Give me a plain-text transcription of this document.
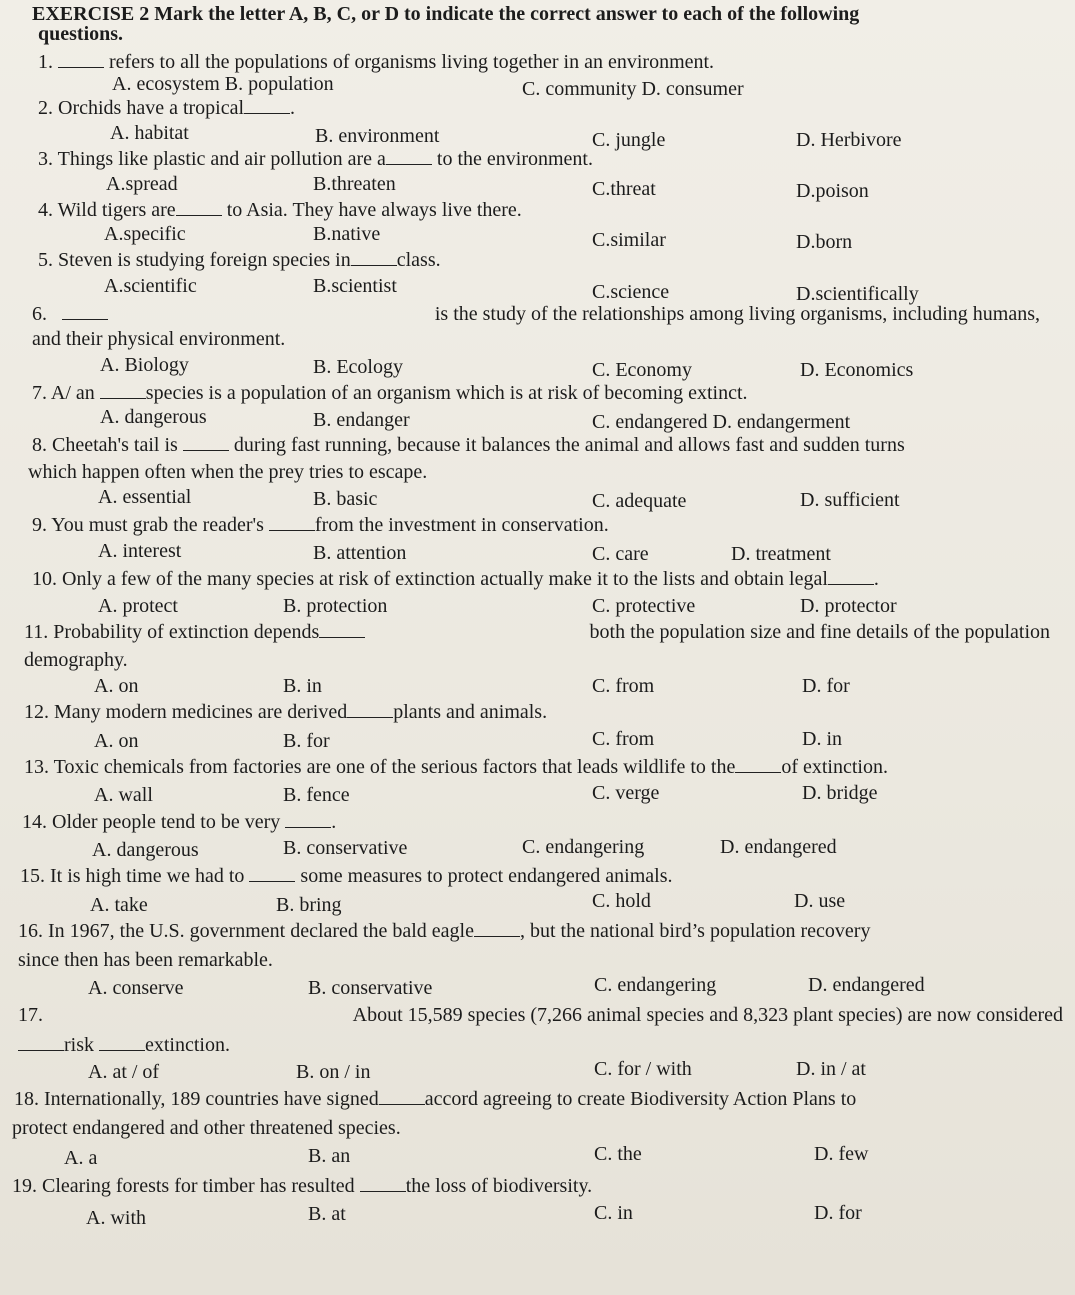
EXERCISE 2 Mark the letter A, B, C, or D to indicate the correct answer to each of the following
questions.
1.	refers to all the populations of organisms living together in an environment.
A. ecosystem B. population	C. community D. consumer
2. Orchids have a tropical .
A. habitat	B. environment	C. jungle	D. Herbivore
3. Things like plastic and air pollution are a	to the environment.
A.spread	B.threaten	C.threat	D.poison
4. Wild tigers are	to Asia. They have always live there.
A.specific	B.native	C.similar	D.born
5. Steven is studying foreign species in class.
A.scientific	B.scientist	C.science	D.scientifically
6.	is the study of the relationships among living organisms, including humans,
and their physical environment.
A. Biology	B. Ecology	C. Economy	D. Economics
7. A/ an	species is a population of an organism which is at risk of becoming extinct.
A. dangerous	B. endanger	C. endangered D. endangerment
8. Cheetah's tail is	during fast running, because it balances the animal and allows fast and sudden turns
which happen often when the prey tries to escape.
A. essential	B. basic	C. adequate	D. sufficient
9. You must grab the reader's	from the investment in conservation.
A. interest	B. attention	C. care	D. treatment
10. Only a few of the many species at risk of extinction actually make it to the lists and obtain legal .
A. protect	B. protection	C. protective	D. protector
11. Probability of extinction depends	both the population size and fine details of the population
demography.
A. on	B. in	C. from	D. for
12. Many modern medicines are derived plants and animals.
A. on	B. for	C. from	D. in
13. Toxic chemicals from factories are one of the serious factors that leads wildlife to the of extinction.
A. wall	B. fence	C. verge	D. bridge
14. Older people tend to be very	.
A. dangerous	B. conservative	C. endangering	D. endangered
15. It is high time we had to	some measures to protect endangered animals.
A. take	B. bring	C. hold	D. use
16. In 1967, the U.S. government declared the bald eagle , but the national bird’s population recovery
since then has been remarkable.
A. conserve	B. conservative	C. endangering	D. endangered
17.	About 15,589 species (7,266 animal species and 8,323 plant species) are now considered
risk	extinction.
A. at / of	B. on / in	C. for / with	D. in / at
18. Internationally, 189 countries have signed accord agreeing to create Biodiversity Action Plans to
protect endangered and other threatened species.
A. a	B. an	C. the	D. few
19. Clearing forests for timber has resulted	the loss of biodiversity.
A. with	B. at	C. in	D. for
